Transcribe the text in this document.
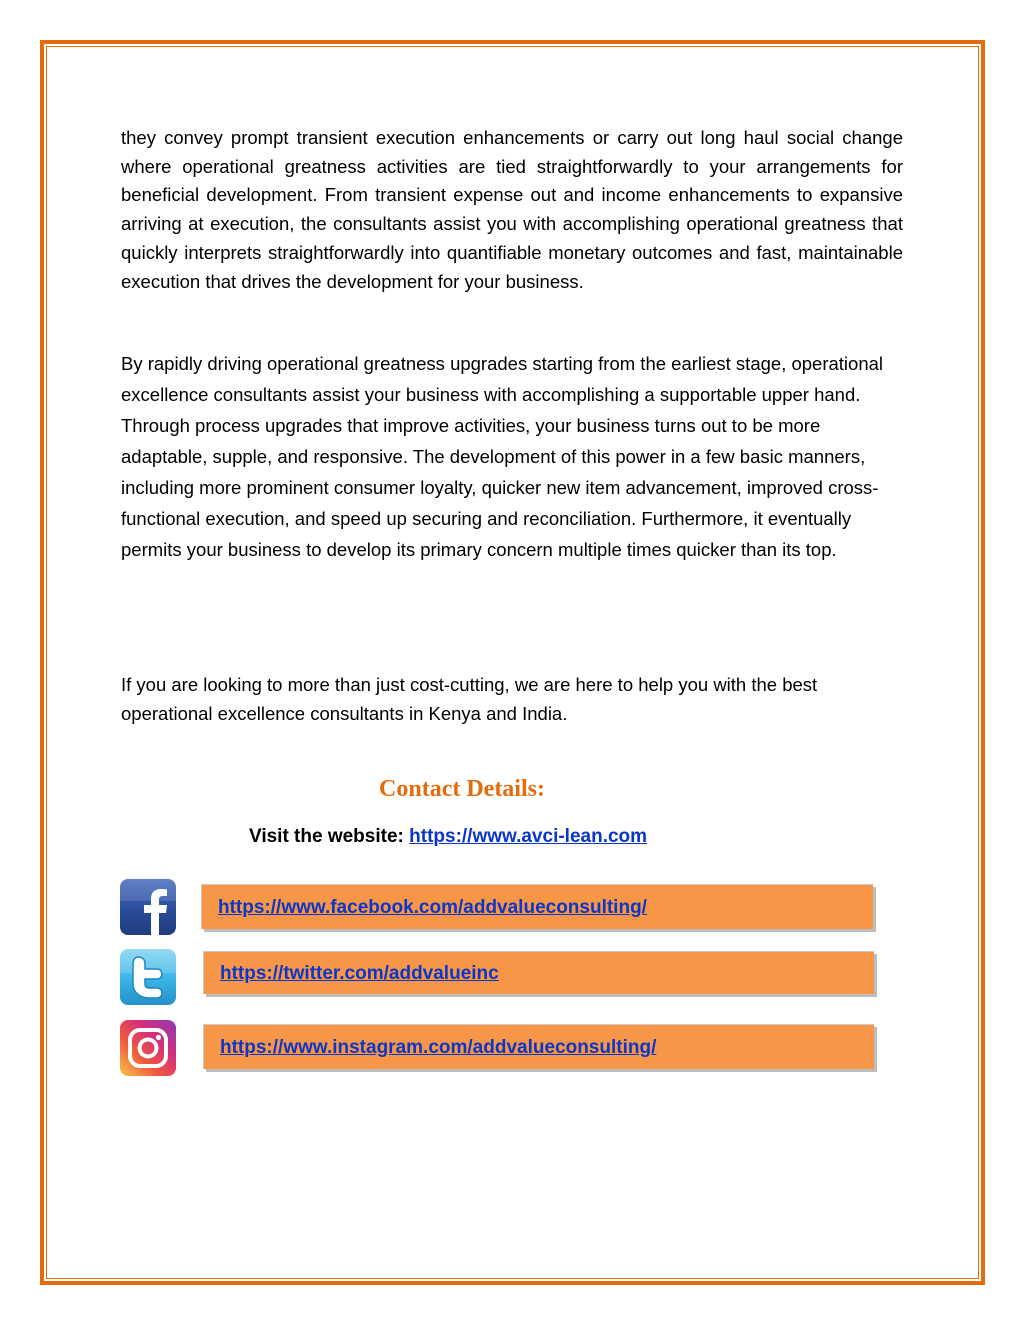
they convey prompt transient execution enhancements or carry out long haul social change where operational greatness activities are tied straightforwardly to your arrangements for beneficial development. From transient expense out and income enhancements to expansive arriving at execution, the consultants assist you with accomplishing operational greatness that quickly interprets straightforwardly into quantifiable monetary outcomes and fast, maintainable execution that drives the development for your business.

By rapidly driving operational greatness upgrades starting from the earliest stage, operational excellence consultants assist your business with accomplishing a supportable upper hand. Through process upgrades that improve activities, your business turns out to be more adaptable, supple, and responsive. The development of this power in a few basic manners, including more prominent consumer loyalty, quicker new item advancement, improved cross-functional execution, and speed up securing and reconciliation. Furthermore, it eventually permits your business to develop its primary concern multiple times quicker than its top.

If you are looking to more than just cost-cutting, we are here to help you with the best operational excellence consultants in Kenya and India.

Contact Details:
Visit the website: https://www.avci-lean.com
https://www.facebook.com/addvalueconsulting/
https://twitter.com/addvalueinc
https://www.instagram.com/addvalueconsulting/
